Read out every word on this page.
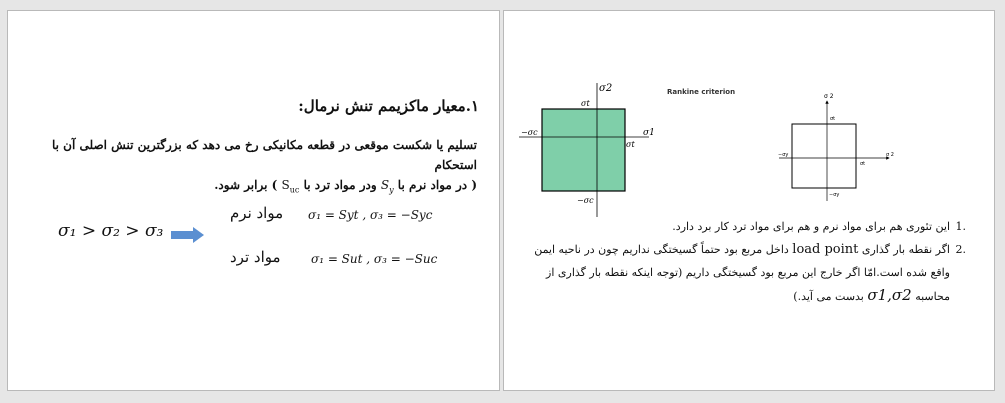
۱.معیار ماکزیمم تنش نرمال:
تسلیم یا شکست موقعی در قطعه مکانیکی رخ می دهد که بزرگترین تنش اصلی آن با استحکام
( در مواد نرم با $S_y$ ودر مواد ترد با $S_{uc}$ ) برابر شود.
σ₁ > σ₂ > σ₃
مواد نرم σ₁ = Syt , σ₃ = −Syc
مواد ترد	σ₁ = Sut , σ₃ = −Suc
σ2
σt
−σc	σ1
σt
−σc
Rankine criterion
σ 2
σt
−σy	σ 2
σt
−σy
.1
این تئوری هم برای مواد نرم و هم برای مواد ترد کار برد دارد.
.2
اگر نقطه بار گذاری load point داخل مربع بود حتماً گسیختگی نداریم چون در ناحیه ایمن واقع شده است.امّا اگر خارج این مربع بود گسیختگی داریم (توجه اینکه نقطه بار گذاری از محاسبه σ1,σ2 بدست می آید.)
